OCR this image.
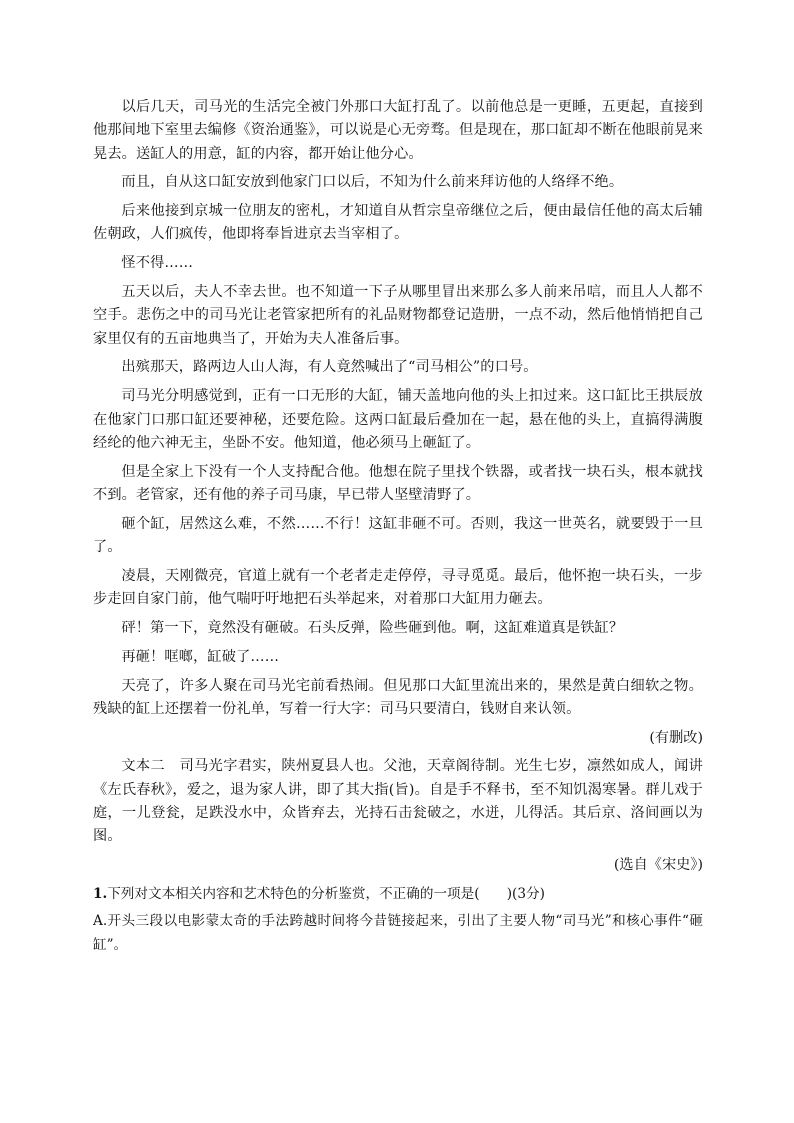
以后几天，司马光的生活完全被门外那口大缸打乱了。以前他总是一更睡，五更起，直接到他那间地下室里去编修《资治通鉴》，可以说是心无旁骛。但是现在，那口缸却不断在他眼前晃来晃去。送缸人的用意，缸的内容，都开始让他分心。

而且，自从这口缸安放到他家门口以后，不知为什么前来拜访他的人络绎不绝。

后来他接到京城一位朋友的密札，才知道自从哲宗皇帝继位之后，便由最信任他的高太后辅佐朝政，人们疯传，他即将奉旨进京去当宰相了。

怪不得……

五天以后，夫人不幸去世。也不知道一下子从哪里冒出来那么多人前来吊唁，而且人人都不空手。悲伤之中的司马光让老管家把所有的礼品财物都登记造册，一点不动，然后他悄悄把自己家里仅有的五亩地典当了，开始为夫人准备后事。

出殡那天，路两边人山人海，有人竟然喊出了“司马相公”的口号。

司马光分明感觉到，正有一口无形的大缸，铺天盖地向他的头上扣过来。这口缸比王拱辰放在他家门口那口缸还要神秘，还要危险。这两口缸最后叠加在一起，悬在他的头上，直搞得满腹经纶的他六神无主，坐卧不安。他知道，他必须马上砸缸了。

但是全家上下没有一个人支持配合他。他想在院子里找个铁器，或者找一块石头，根本就找不到。老管家，还有他的养子司马康，早已带人坚壁清野了。

砸个缸，居然这么难，不然……不行！这缸非砸不可。否则，我这一世英名，就要毁于一旦了。

凌晨，天刚微亮，官道上就有一个老者走走停停，寻寻觅觅。最后，他怀抱一块石头，一步步走回自家门前，他气喘吁吁地把石头举起来，对着那口大缸用力砸去。

砰！第一下，竟然没有砸破。石头反弹，险些砸到他。啊，这缸难道真是铁缸？

再砸！哐啷，缸破了……

天亮了，许多人聚在司马光宅前看热闹。但见那口大缸里流出来的，果然是黄白细软之物。残缺的缸上还摆着一份礼单，写着一行大字：司马只要清白，钱财自来认领。

(有删改)

文本二　 司马光字君实，陕州夏县人也。父池，天章阁待制。光生七岁，凛然如成人，闻讲《左氏春秋》，爱之，退为家人讲，即了其大指(旨)。自是手不释书，至不知饥渴寒暑。群儿戏于庭，一儿登瓮，足跌没水中，众皆弃去，光持石击瓮破之，水迸，儿得活。其后京、洛间画以为图。

(选自《宋史》)

1.下列对文本相关内容和艺术特色的分析鉴赏，不正确的一项是(　　)(3分)

A.开头三段以电影蒙太奇的手法跨越时间将今昔链接起来，引出了主要人物“司马光”和核心事件“砸缸”。
